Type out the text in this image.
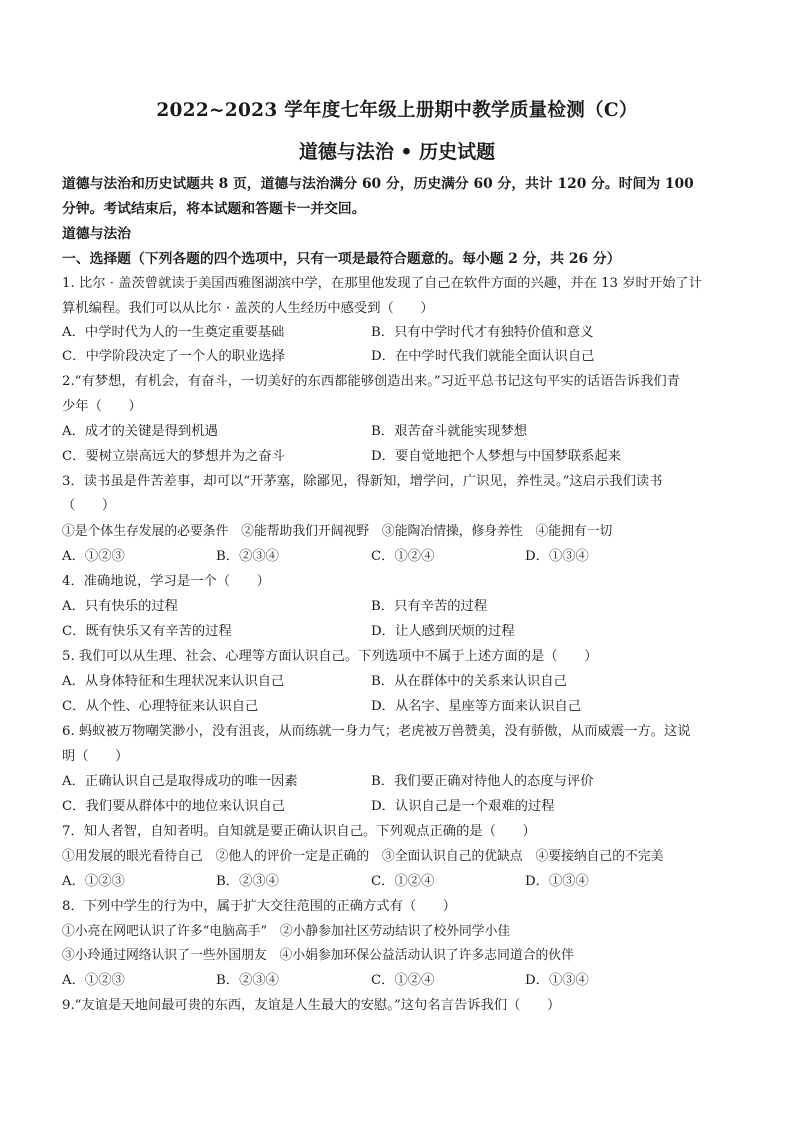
2022~2023 学年度七年级上册期中教学质量检测（C）
道德与法治 • 历史试题
道德与法治和历史试题共 8 页，道德与法治满分 60 分，历史满分 60 分，共计 120 分。时间为 100
分钟。考试结束后，将本试题和答题卡一并交回。
道德与法治
一、选择题（下列各题的四个选项中，只有一项是最符合题意的。每小题 2 分，共 26 分）
1. 比尔 · 盖茨曾就读于美国西雅图湖滨中学，在那里他发现了自己在软件方面的兴趣，并在 13 岁时开始了计
算机编程。我们可以从比尔 · 盖茨的人生经历中感受到（　　）
A．中学时代为人的一生奠定重要基础	B．只有中学时代才有独特价值和意义
C．中学阶段决定了一个人的职业选择	D．在中学时代我们就能全面认识自己
2.“有梦想，有机会，有奋斗，一切美好的东西都能够创造出来。”习近平总书记这句平实的话语告诉我们青
少年（　　）
A．成才的关键是得到机遇	B．艰苦奋斗就能实现梦想
C．要树立崇高远大的梦想并为之奋斗	D．要自觉地把个人梦想与中国梦联系起来
3．读书虽是件苦差事，却可以“开茅塞，除鄙见，得新知，增学问，广识见，养性灵。”这启示我们读书
（　　）
①是个体生存发展的必要条件　②能帮助我们开阔视野　③能陶冶情操，修身养性　④能拥有一切
A．①②③	B．②③④	C．①②④	D．①③④
4．准确地说，学习是一个（　　）
A．只有快乐的过程	B．只有辛苦的过程
C．既有快乐又有辛苦的过程	D．让人感到厌烦的过程
5. 我们可以从生理、社会、心理等方面认识自己。下列选项中不属于上述方面的是（　　）
A．从身体特征和生理状况来认识自己	B．从在群体中的关系来认识自己
C．从个性、心理特征来认识自己	D．从名字、星座等方面来认识自己
6. 蚂蚁被万物嘲笑渺小，没有沮丧，从而练就一身力气；老虎被万兽赞美，没有骄傲，从而威震一方。这说
明（　　）
A．正确认识自己是取得成功的唯一因素	B．我们要正确对待他人的态度与评价
C．我们要从群体中的地位来认识自己	D．认识自己是一个艰难的过程
7．知人者智，自知者明。自知就是要正确认识自己。下列观点正确的是（　　）
①用发展的眼光看待自己　②他人的评价一定是正确的　③全面认识自己的优缺点　④要接纳自己的不完美
A．①②③	B．②③④	C．①②④	D．①③④
8．下列中学生的行为中，属于扩大交往范围的正确方式有（　　）
①小亮在网吧认识了许多“电脑高手”　②小静参加社区劳动结识了校外同学小佳
③小玲通过网络认识了一些外国朋友　④小娟参加环保公益活动认识了许多志同道合的伙伴
A．①②③	B．②③④	C．①②④	D．①③④
9.“友谊是天地间最可贵的东西，友谊是人生最大的安慰。”这句名言告诉我们（　　）
